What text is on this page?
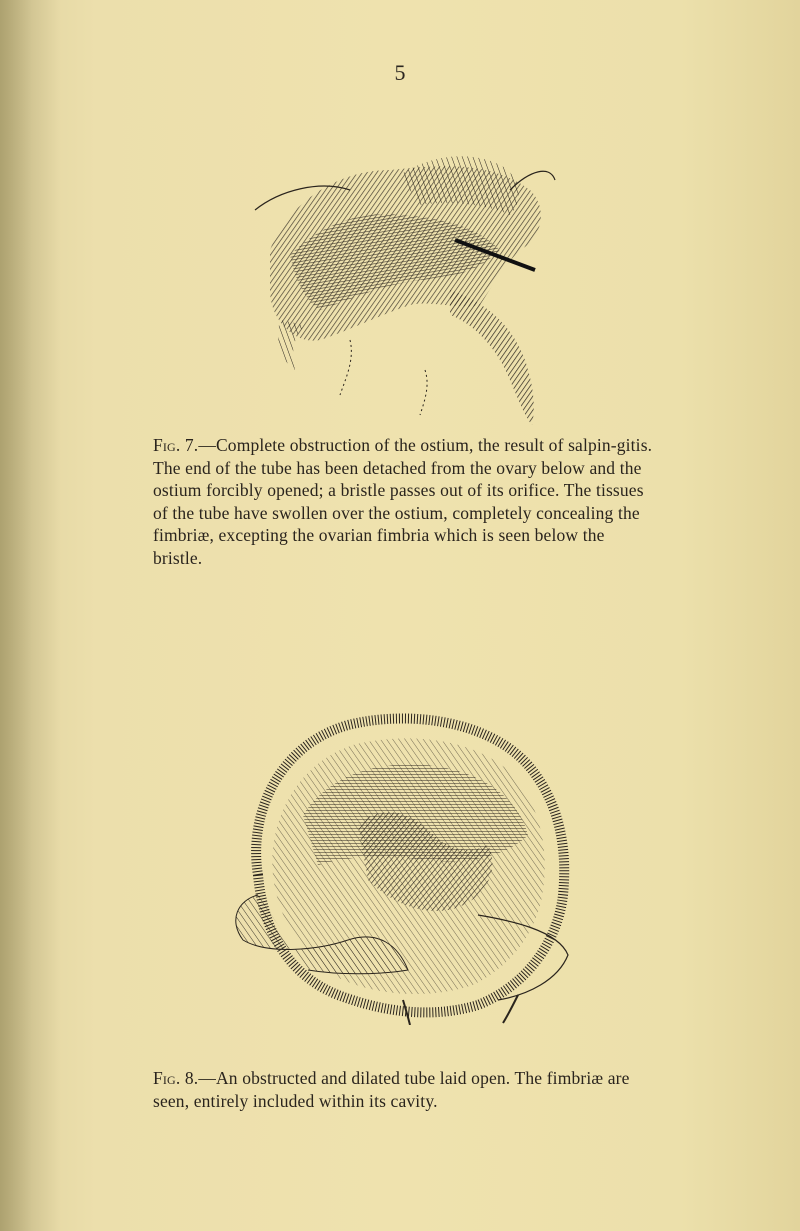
5
Fig. 7.—Complete obstruction of the ostium, the result of salpin-gitis. The end of the tube has been detached from the ovary below and the ostium forcibly opened; a bristle passes out of its orifice. The tissues of the tube have swollen over the ostium, completely concealing the fimbriæ, excepting the ovarian fimbria which is seen below the bristle.
Fig. 8.—An obstructed and dilated tube laid open. The fimbriæ are seen, entirely included within its cavity.
